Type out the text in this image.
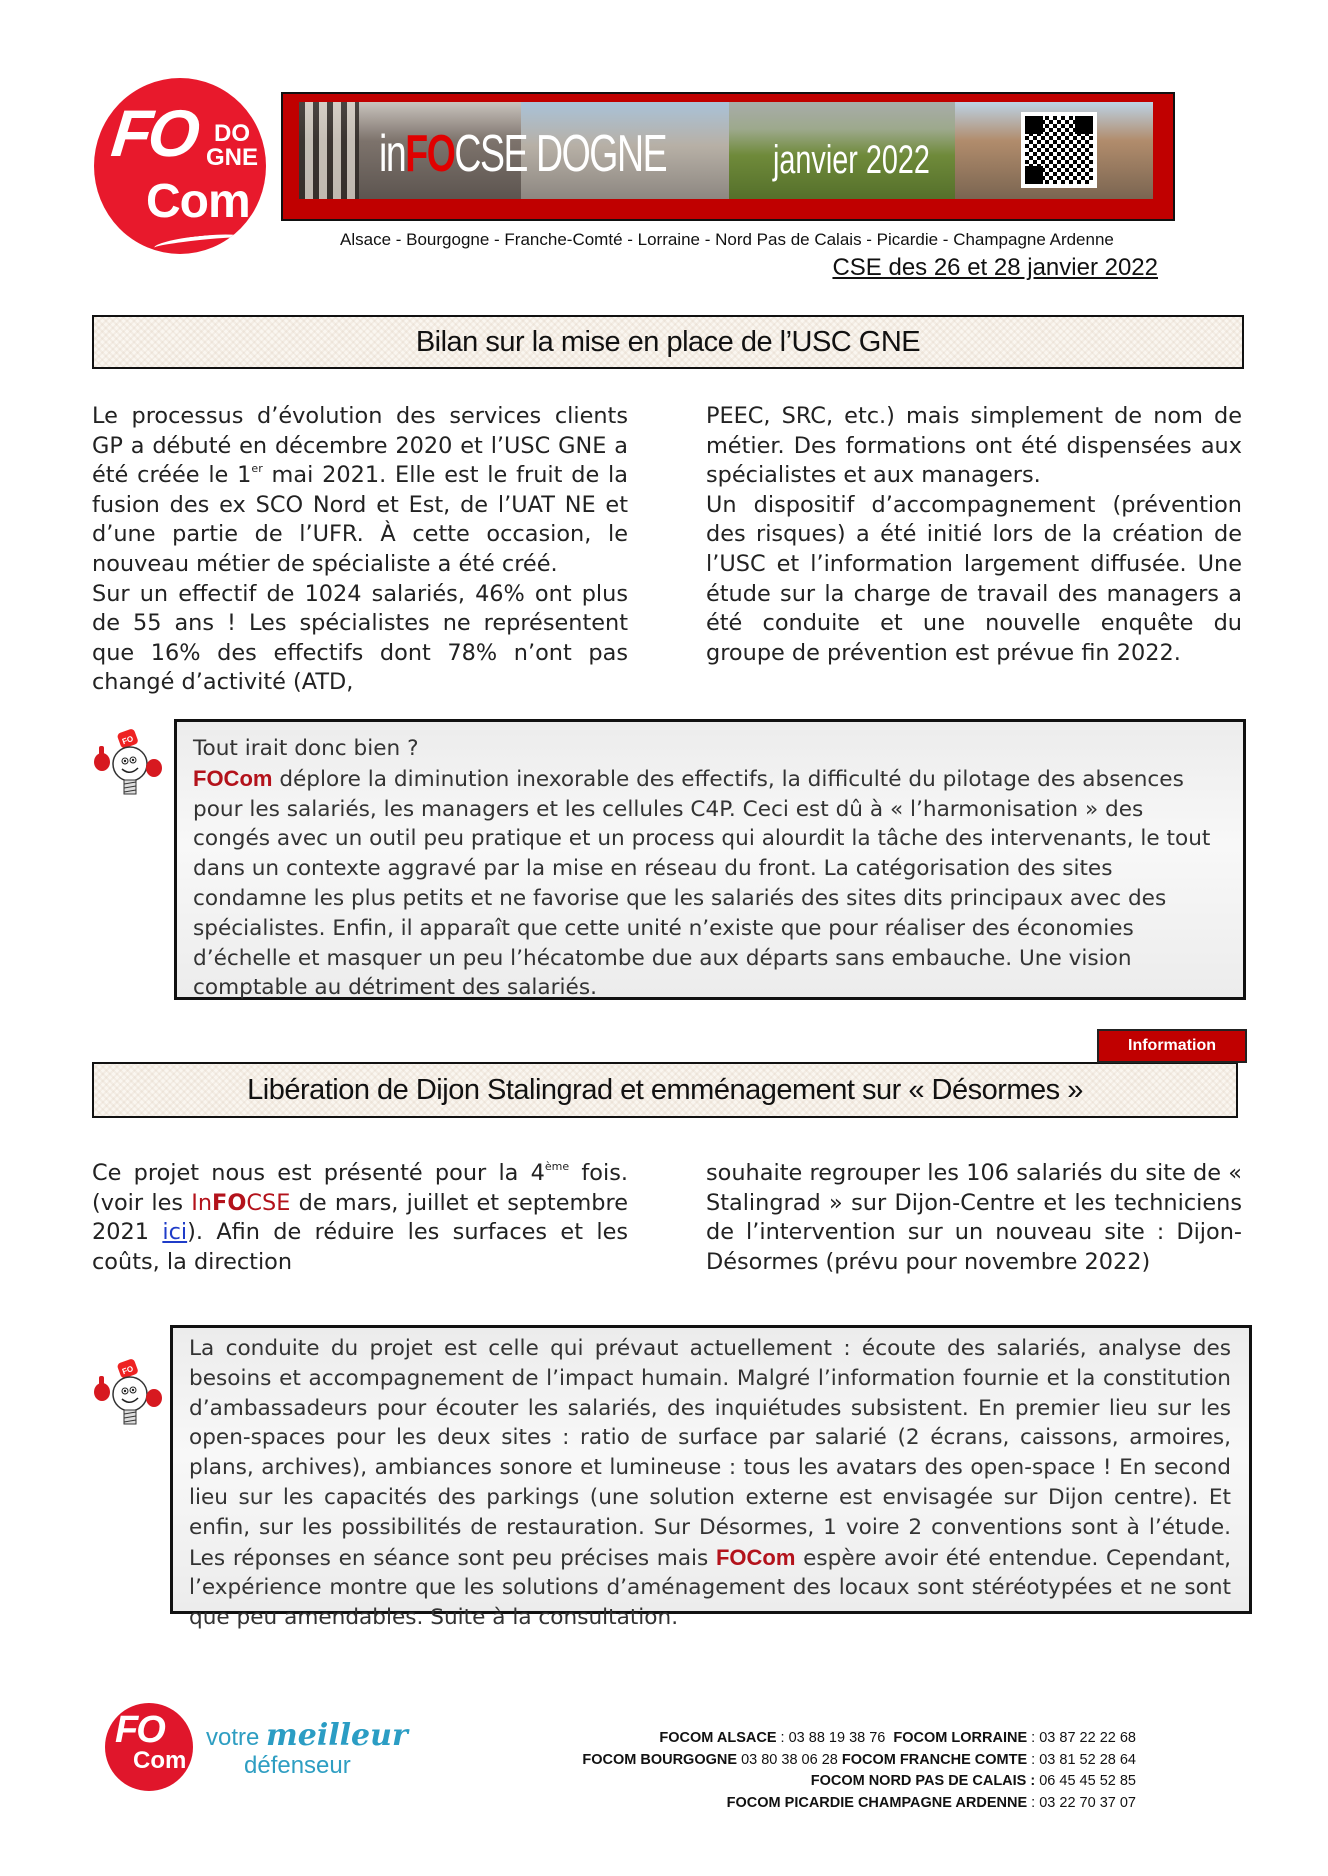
FO DO
GNE
Com
inFOCSE DOGNE	janvier 2022
Alsace - Bourgogne - Franche-Comté - Lorraine - Nord Pas de Calais - Picardie - Champagne Ardenne
CSE des 26 et 28 janvier 2022
Bilan sur la mise en place de l’USC GNE

Le processus d’évolution des services clients GP a débuté en décembre 2020 et l’USC GNE a été créée le 1er mai 2021. Elle est le fruit de la fusion des ex SCO Nord et Est, de l’UAT NE et d’une partie de l’UFR. À cette occasion, le nouveau métier de spécialiste a été créé.

Sur un effectif de 1024 salariés, 46% ont plus de 55 ans ! Les spécialistes ne représentent que 16% des effectifs dont 78% n’ont pas changé d’activité (ATD,

PEEC, SRC, etc.) mais simplement de nom de métier. Des formations ont été dispensées aux spécialistes et aux managers.

Un dispositif d’accompagnement (prévention des risques) a été initié lors de la création de l’USC et l’information largement diffusée. Une étude sur la charge de travail des managers a été conduite et une nouvelle enquête du groupe de prévention est prévue fin 2022.

FO	Tout irait donc bien ?

FOCom déplore la diminution inexorable des effectifs, la difficulté du pilotage des absences pour les salariés, les managers et les cellules C4P. Ceci est dû à « l’harmonisation » des congés avec un outil peu pratique et un process qui alourdit la tâche des intervenants, le tout dans un contexte aggravé par la mise en réseau du front. La catégorisation des sites condamne les plus petits et ne favorise que les salariés des sites dits principaux avec des spécialistes. Enfin, il apparaît que cette unité n’existe que pour réaliser des économies d’échelle et masquer un peu l’hécatombe due aux départs sans embauche. Une vision comptable au détriment des salariés.

Information
Libération de Dijon Stalingrad et emménagement sur « Désormes »

Ce projet nous est présenté pour la 4ème fois. (voir les InFOCSE de mars, juillet et septembre 2021 ici). Afin de réduire les surfaces et les coûts, la direction

souhaite regrouper les 106 salariés du site de « Stalingrad » sur Dijon-Centre et les techniciens de l’intervention sur un nouveau site : Dijon-Désormes (prévu pour novembre 2022)

FO

La conduite du projet est celle qui prévaut actuellement : écoute des salariés, analyse des besoins et accompagnement de l’impact humain. Malgré l’information fournie et la constitution d’ambassadeurs pour écouter les salariés, des inquiétudes subsistent. En premier lieu sur les open-spaces pour les deux sites : ratio de surface par salarié (2 écrans, caissons, armoires, plans, archives), ambiances sonore et lumineuse : tous les avatars des open-space ! En second lieu sur les capacités des parkings (une solution externe est envisagée sur Dijon centre). Et enfin, sur les possibilités de restauration. Sur Désormes, 1 voire 2 conventions sont à l’étude. Les réponses en séance sont peu précises mais FOCom espère avoir été entendue. Cependant, l’expérience montre que les solutions d’aménagement des locaux sont stéréotypées et ne sont que peu amendables. Suite à la consultation.

FO
Com
votre meilleur
défenseur
FOCOM ALSACE : 03 88 19 38 76 FOCOM LORRAINE : 03 87 22 22 68
FOCOM BOURGOGNE 03 80 38 06 28 FOCOM FRANCHE COMTE : 03 81 52 28 64
FOCOM NORD PAS DE CALAIS : 06 45 45 52 85
FOCOM PICARDIE CHAMPAGNE ARDENNE : 03 22 70 37 07
